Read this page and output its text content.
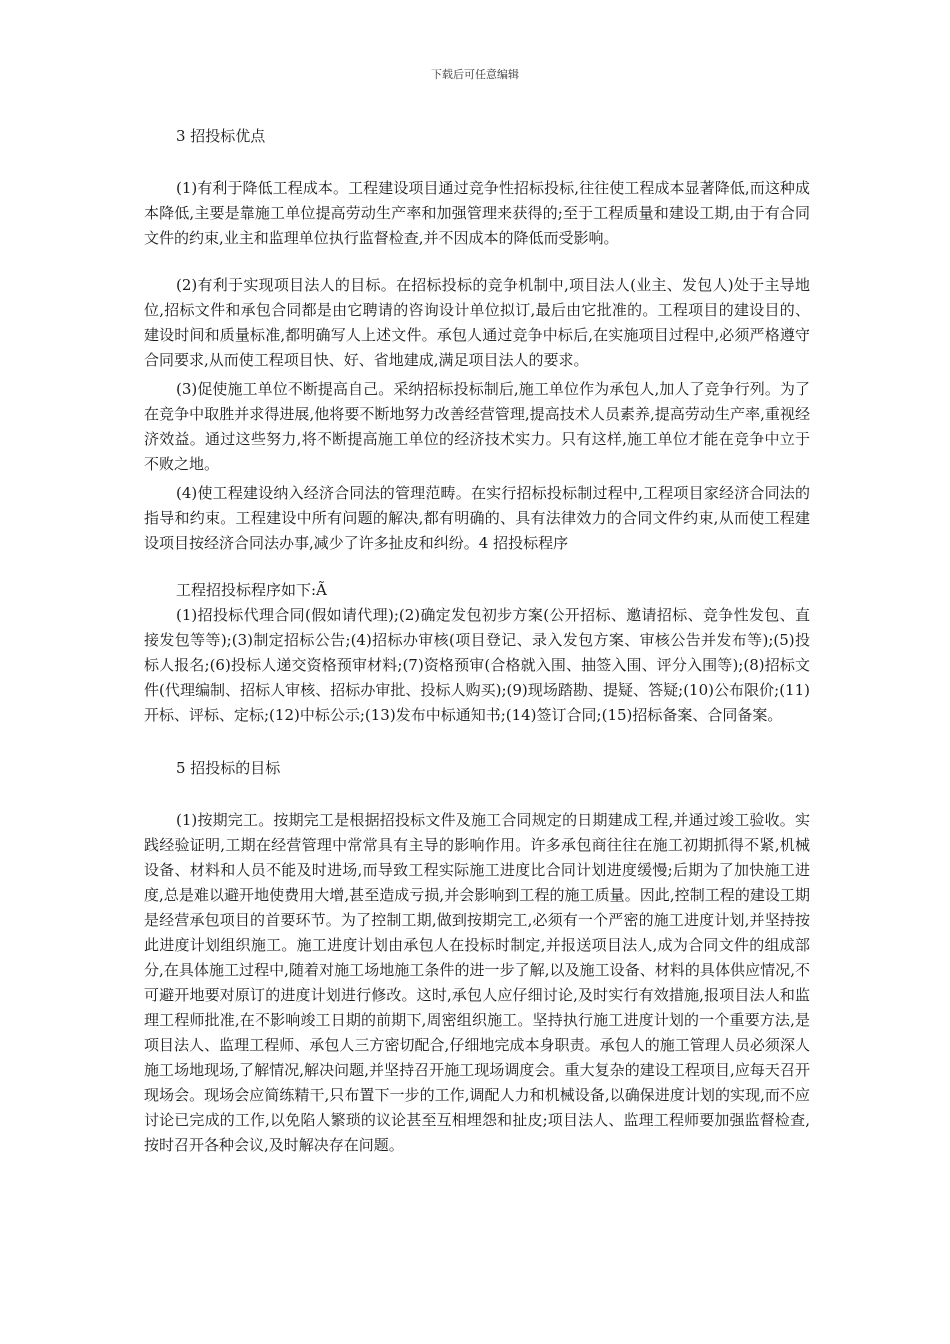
下载后可任意编辑

3 招投标优点

(1)有利于降低工程成本。工程建设项目通过竞争性招标投标,往往使工程成本显著降低,而这种成本降低,主要是靠施工单位提高劳动生产率和加强管理来获得的;至于工程质量和建设工期,由于有合同文件的约束,业主和监理单位执行监督检查,并不因成本的降低而受影响。

(2)有利于实现项目法人的目标。在招标投标的竞争机制中,项目法人(业主、发包人)处于主导地位,招标文件和承包合同都是由它聘请的咨询设计单位拟订,最后由它批准的。工程项目的建设目的、建设时间和质量标准,都明确写人上述文件。承包人通过竞争中标后,在实施项目过程中,必须严格遵守合同要求,从而使工程项目快、好、省地建成,满足项目法人的要求。

(3)促使施工单位不断提高自己。采纳招标投标制后,施工单位作为承包人,加人了竞争行列。为了在竞争中取胜并求得进展,他将要不断地努力改善经营管理,提高技术人员素养,提高劳动生产率,重视经济效益。通过这些努力,将不断提高施工单位的经济技术实力。只有这样,施工单位才能在竞争中立于不败之地。

(4)使工程建设纳入经济合同法的管理范畴。在实行招标投标制过程中,工程项目家经济合同法的指导和约束。工程建设中所有问题的解决,都有明确的、具有法律效力的合同文件约束,从而使工程建设项目按经济合同法办事,减少了许多扯皮和纠纷。4 招投标程序

工程招投标程序如下:Ã

(1)招投标代理合同(假如请代理);(2)确定发包初步方案(公开招标、邀请招标、竞争性发包、直接发包等等);(3)制定招标公告;(4)招标办审核(项目登记、录入发包方案、审核公告并发布等);(5)投标人报名;(6)投标人递交资格预审材料;(7)资格预审(合格就入围、抽签入围、评分入围等);(8)招标文件(代理编制、招标人审核、招标办审批、投标人购买);(9)现场踏勘、提疑、答疑;(10)公布限价;(11)开标、评标、定标;(12)中标公示;(13)发布中标通知书;(14)签订合同;(15)招标备案、合同备案。

5 招投标的目标

(1)按期完工。按期完工是根据招投标文件及施工合同规定的日期建成工程,并通过竣工验收。实践经验证明,工期在经营管理中常常具有主导的影响作用。许多承包商往往在施工初期抓得不紧,机械设备、材料和人员不能及时进场,而导致工程实际施工进度比合同计划进度缓慢;后期为了加快施工进度,总是难以避开地使费用大增,甚至造成亏损,并会影响到工程的施工质量。因此,控制工程的建设工期是经营承包项目的首要环节。为了控制工期,做到按期完工,必须有一个严密的施工进度计划,并坚持按此进度计划组织施工。施工进度计划由承包人在投标时制定,并报送项目法人,成为合同文件的组成部分,在具体施工过程中,随着对施工场地施工条件的进一步了解,以及施工设备、材料的具体供应情况,不可避开地要对原订的进度计划进行修改。这时,承包人应仔细讨论,及时实行有效措施,报项目法人和监理工程师批准,在不影响竣工日期的前期下,周密组织施工。坚持执行施工进度计划的一个重要方法,是项目法人、监理工程师、承包人三方密切配合,仔细地完成本身职责。承包人的施工管理人员必须深人施工场地现场,了解情况,解决问题,并坚持召开施工现场调度会。重大复杂的建设工程项目,应每天召开现场会。现场会应简练精干,只布置下一步的工作,调配人力和机械设备,以确保进度计划的实现,而不应讨论已完成的工作,以免陷人繁琐的议论甚至互相埋怨和扯皮;项目法人、监理工程师要加强监督检查,按时召开各种会议,及时解决存在问题。
